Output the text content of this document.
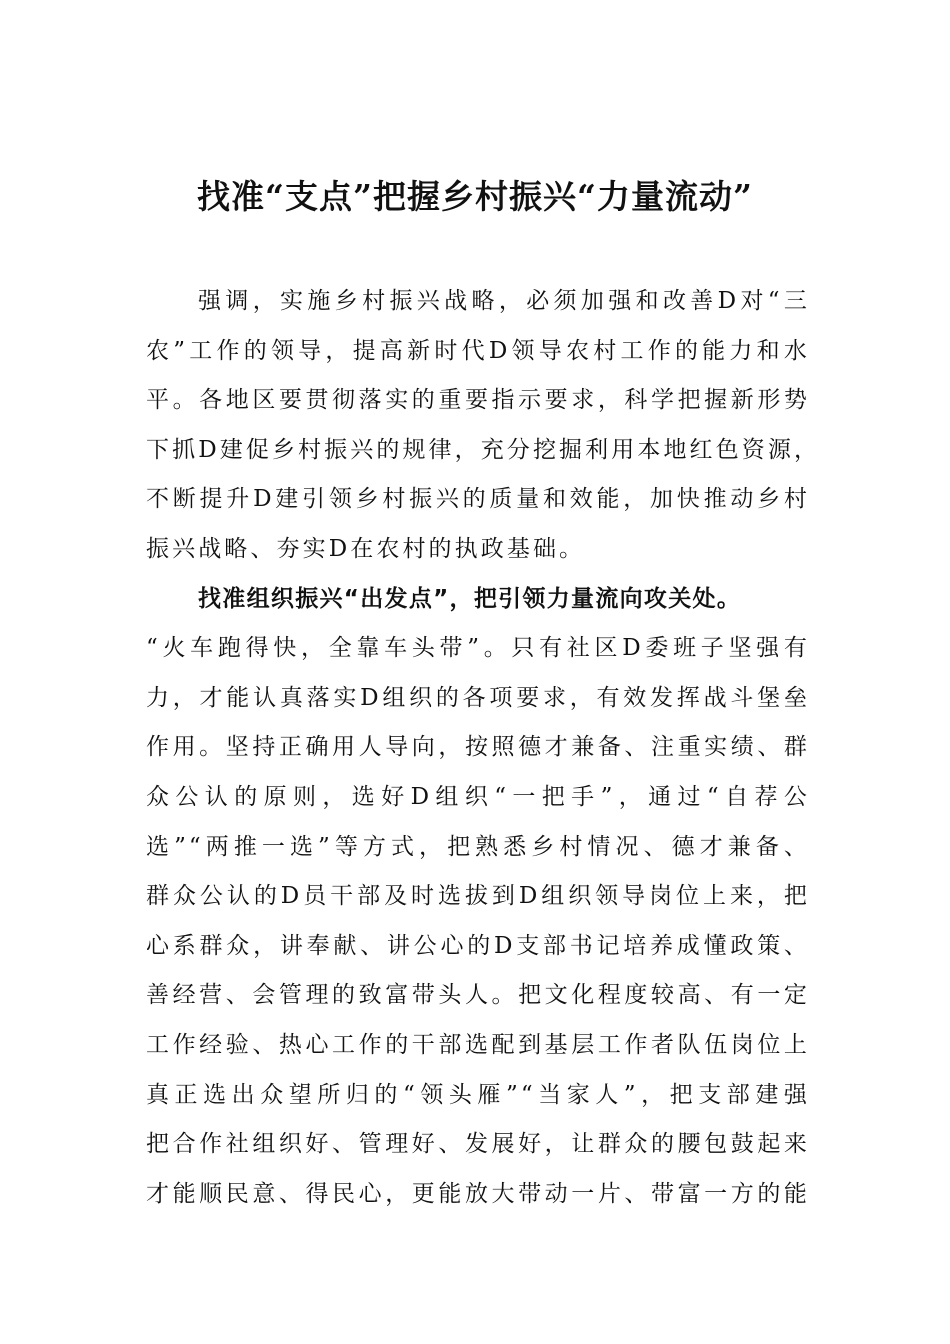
找准“支点”把握乡村振兴“力量流动”
强调，实施乡村振兴战略，必须加强和改善D对“三
农”工作的领导，提高新时代D领导农村工作的能力和水
平。各地区要贯彻落实的重要指示要求，科学把握新形势
下抓D建促乡村振兴的规律，充分挖掘利用本地红色资源，
不断提升D建引领乡村振兴的质量和效能，加快推动乡村
振兴战略、夯实D在农村的执政基础。
找准组织振兴“出发点”，把引领力量流向攻关处。
“火车跑得快，全靠车头带”。只有社区D委班子坚强有
力，才能认真落实D组织的各项要求，有效发挥战斗堡垒
作用。坚持正确用人导向，按照德才兼备、注重实绩、群
众公认的原则，选好D组织“一把手”，通过“自荐公
选”“两推一选”等方式，把熟悉乡村情况、德才兼备、
群众公认的D员干部及时选拔到D组织领导岗位上来，把
心系群众，讲奉献、讲公心的D支部书记培养成懂政策、
善经营、会管理的致富带头人。把文化程度较高、有一定
工作经验、热心工作的干部选配到基层工作者队伍岗位上
真正选出众望所归的“领头雁”“当家人”，把支部建强
把合作社组织好、管理好、发展好，让群众的腰包鼓起来
才能顺民意、得民心，更能放大带动一片、带富一方的能
